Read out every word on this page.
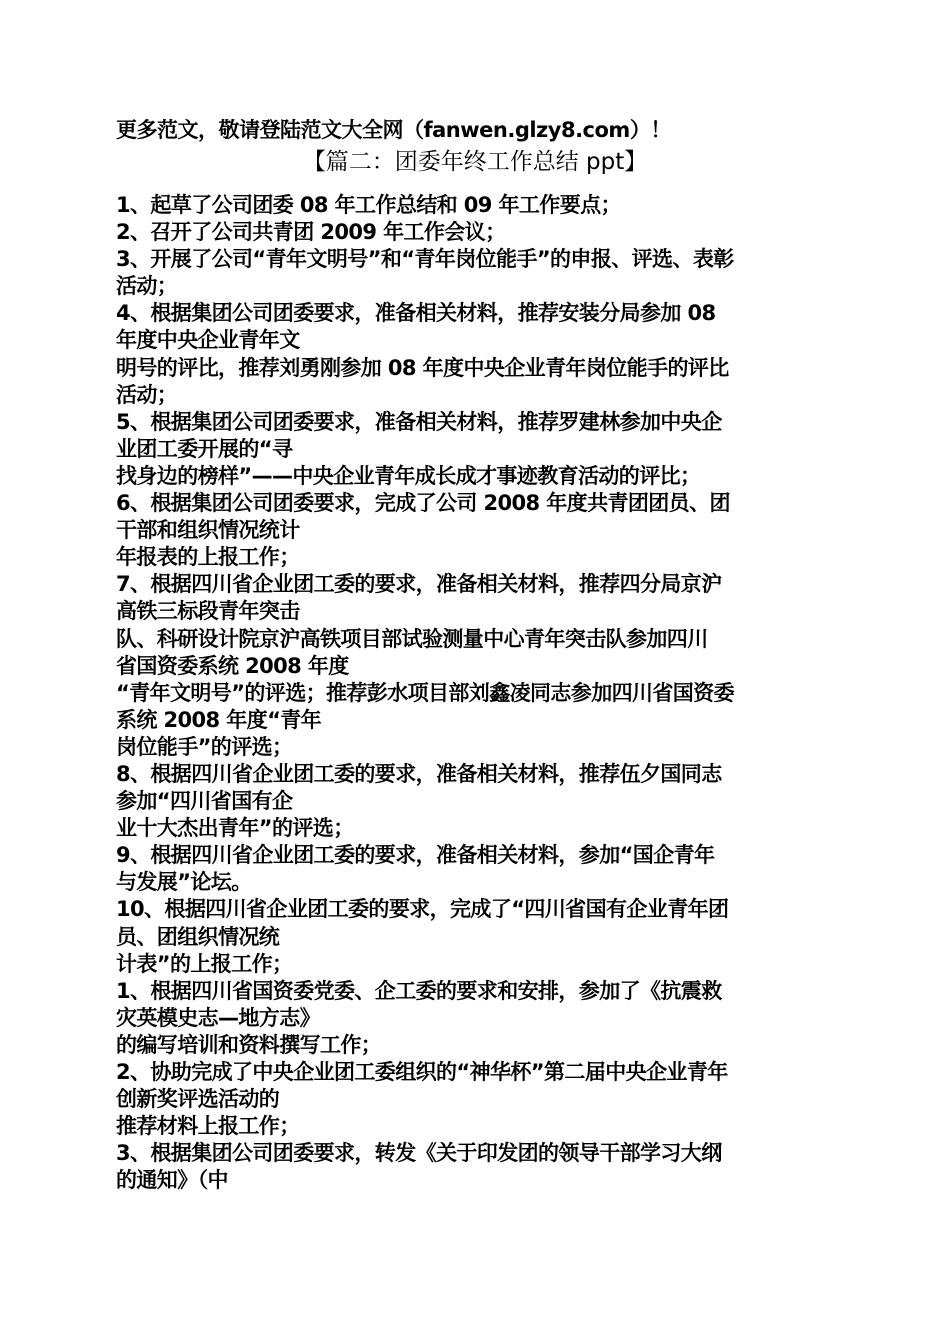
更多范文，敬请登陆范文大全网（fanwen.glzy8.com）！
【篇二：团委年终工作总结 ppt】
1、起草了公司团委 08 年工作总结和 09 年工作要点；
2、召开了公司共青团 2009 年工作会议；
3、开展了公司“青年文明号”和“青年岗位能手”的申报、评选、表彰
活动；
4、根据集团公司团委要求，准备相关材料，推荐安装分局参加 08
年度中央企业青年文
明号的评比，推荐刘勇刚参加 08 年度中央企业青年岗位能手的评比
活动；
5、根据集团公司团委要求，准备相关材料，推荐罗建林参加中央企
业团工委开展的“寻
找身边的榜样”——中央企业青年成长成才事迹教育活动的评比；
6、根据集团公司团委要求，完成了公司 2008 年度共青团团员、团
干部和组织情况统计
年报表的上报工作；
7、根据四川省企业团工委的要求，准备相关材料，推荐四分局京沪
高铁三标段青年突击
队、科研设计院京沪高铁项目部试验测量中心青年突击队参加四川
省国资委系统 2008 年度
“青年文明号”的评选；推荐彭水项目部刘鑫凌同志参加四川省国资委
系统 2008 年度“青年
岗位能手”的评选；
8、根据四川省企业团工委的要求，准备相关材料，推荐伍夕国同志
参加“四川省国有企
业十大杰出青年”的评选；
9、根据四川省企业团工委的要求，准备相关材料，参加“国企青年
与发展”论坛。
10、根据四川省企业团工委的要求，完成了“四川省国有企业青年团
员、团组织情况统
计表”的上报工作；
1、根据四川省国资委党委、企工委的要求和安排，参加了《抗震救
灾英模史志—地方志》
的编写培训和资料撰写工作；
2、协助完成了中央企业团工委组织的“神华杯”第二届中央企业青年
创新奖评选活动的
推荐材料上报工作；
3、根据集团公司团委要求，转发《关于印发团的领导干部学习大纲
的通知》（中
